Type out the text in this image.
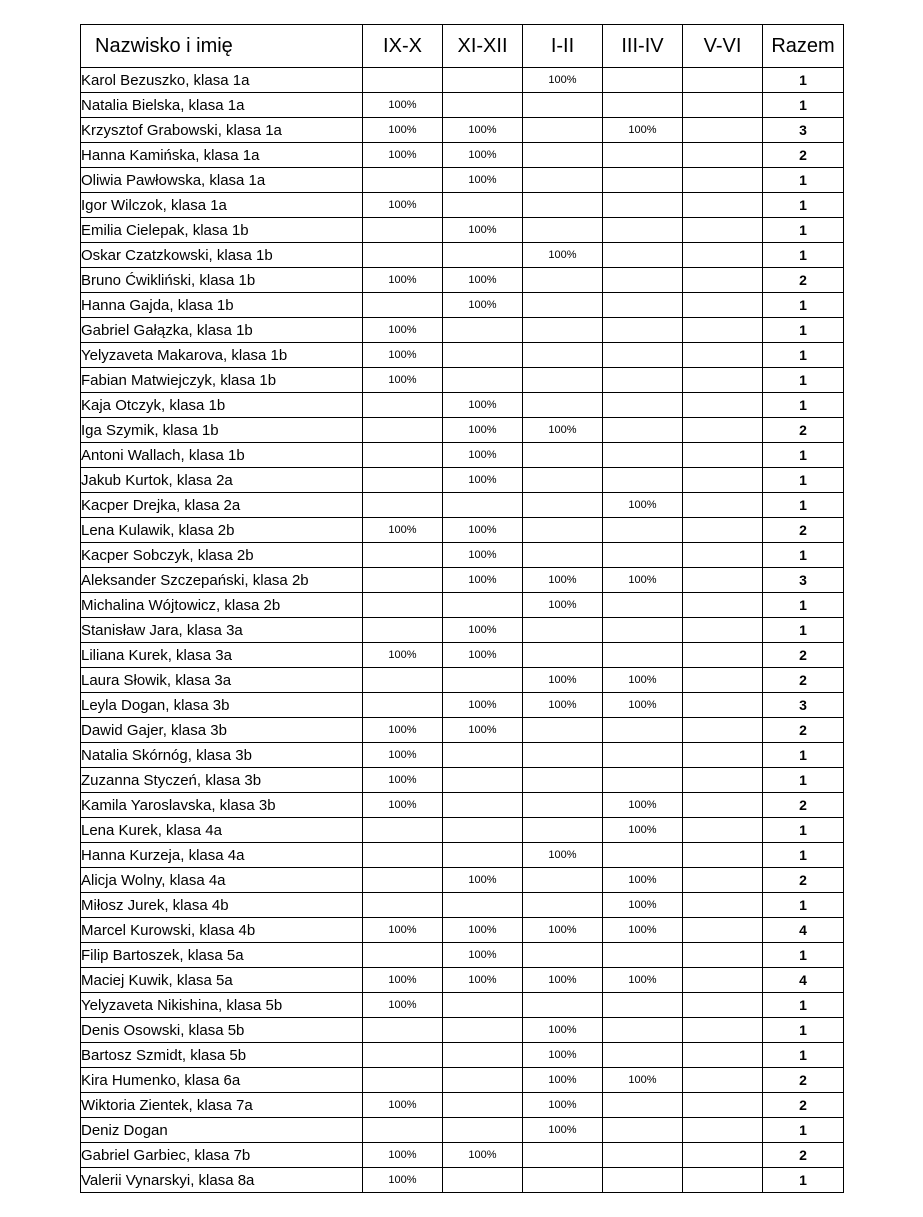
Nazwisko i imię	IX-X	XI-XII	I-II	III-IV	V-VI	Razem
Karol Bezuszko, klasa 1a			100%			1
Natalia Bielska, klasa 1a	100%					1
Krzysztof Grabowski, klasa 1a	100%	100%		100%		3
Hanna Kamińska, klasa 1a	100%	100%				2
Oliwia Pawłowska, klasa 1a		100%				1
Igor Wilczok, klasa 1a	100%					1
Emilia Cielepak, klasa 1b		100%				1
Oskar Czatzkowski, klasa 1b			100%			1
Bruno Ćwikliński, klasa 1b	100%	100%				2
Hanna Gajda, klasa 1b		100%				1
Gabriel Gałązka, klasa 1b	100%					1
Yelyzaveta Makarova, klasa 1b	100%					1
Fabian Matwiejczyk, klasa 1b	100%					1
Kaja Otczyk, klasa 1b		100%				1
Iga Szymik, klasa 1b		100%	100%			2
Antoni Wallach, klasa 1b		100%				1
Jakub Kurtok, klasa 2a		100%				1
Kacper Drejka, klasa 2a				100%		1
Lena Kulawik, klasa 2b	100%	100%				2
Kacper Sobczyk, klasa 2b		100%				1
Aleksander Szczepański, klasa 2b		100%	100%	100%		3
Michalina Wójtowicz, klasa 2b			100%			1
Stanisław Jara, klasa 3a		100%				1
Liliana Kurek, klasa 3a	100%	100%				2
Laura Słowik, klasa 3a			100%	100%		2
Leyla Dogan, klasa 3b		100%	100%	100%		3
Dawid Gajer, klasa 3b	100%	100%				2
Natalia Skórnóg, klasa 3b	100%					1
Zuzanna Styczeń, klasa 3b	100%					1
Kamila Yaroslavska, klasa 3b	100%			100%		2
Lena Kurek, klasa 4a				100%		1
Hanna Kurzeja, klasa 4a			100%			1
Alicja Wolny, klasa 4a		100%		100%		2
Miłosz Jurek, klasa 4b				100%		1
Marcel Kurowski, klasa 4b	100%	100%	100%	100%		4
Filip Bartoszek, klasa 5a		100%				1
Maciej Kuwik, klasa 5a	100%	100%	100%	100%		4
Yelyzaveta Nikishina, klasa 5b	100%					1
Denis Osowski, klasa 5b			100%			1
Bartosz Szmidt, klasa 5b			100%			1
Kira Humenko, klasa 6a			100%	100%		2
Wiktoria Zientek, klasa 7a	100%		100%			2
Deniz Dogan			100%			1
Gabriel Garbiec, klasa 7b	100%	100%				2
Valerii Vynarskyi, klasa 8a	100%					1
